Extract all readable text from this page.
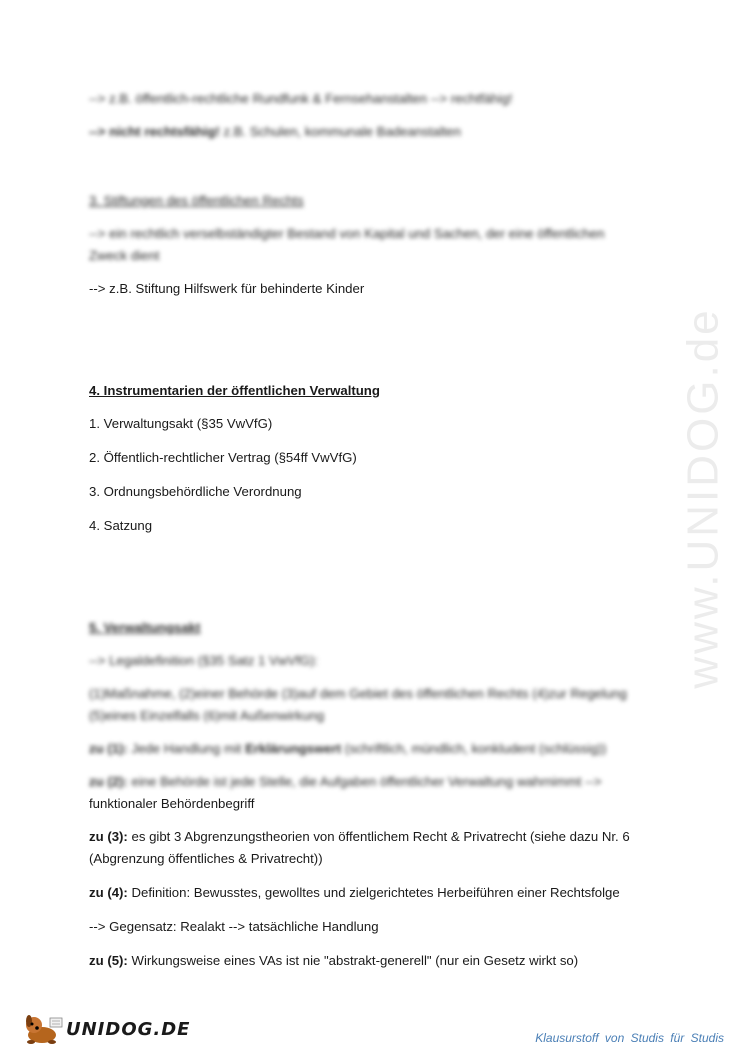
www.UNIDOG.de
--> z.B. öffentlich-rechtliche Rundfunk & Fernsehanstalten --> rechtfähig!
--> nicht rechtsfähig! z.B. Schulen, kommunale Badeanstalten
3. Stiftungen des öffentlichen Rechts
--> ein rechtlich verselbständigter Bestand von Kapital und Sachen, der eine öffentlichen
Zweck dient
--> z.B. Stiftung Hilfswerk für behinderte Kinder
4. Instrumentarien der öffentlichen Verwaltung
1. Verwaltungsakt (§35 VwVfG)
2. Öffentlich-rechtlicher Vertrag (§54ff VwVfG)
3. Ordnungsbehördliche Verordnung
4. Satzung
5. Verwaltungsakt
--> Legaldefinition (§35 Satz 1 VwVfG):
(1)Maßnahme, (2)einer Behörde (3)auf dem Gebiet des öffentlichen Rechts (4)zur Regelung
(5)eines Einzelfalls (6)mit Außenwirkung
zu (1): Jede Handlung mit Erklärungswert (schriftlich, mündlich, konkludent (schlüssig))
zu (2): eine Behörde ist jede Stelle, die Aufgaben öffentlicher Verwaltung wahrnimmt -->
funktionaler Behördenbegriff
zu (3): es gibt 3 Abgrenzungstheorien von öffentlichem Recht & Privatrecht (siehe dazu Nr. 6
(Abgrenzung öffentliches & Privatrecht))
zu (4): Definition: Bewusstes, gewolltes und zielgerichtetes Herbeiführen einer Rechtsfolge
--> Gegensatz: Realakt --> tatsächliche Handlung
zu (5): Wirkungsweise eines VAs ist nie "abstrakt-generell" (nur ein Gesetz wirkt so)
UNIDOG.DE	Klausurstoff von Studis für Studis
